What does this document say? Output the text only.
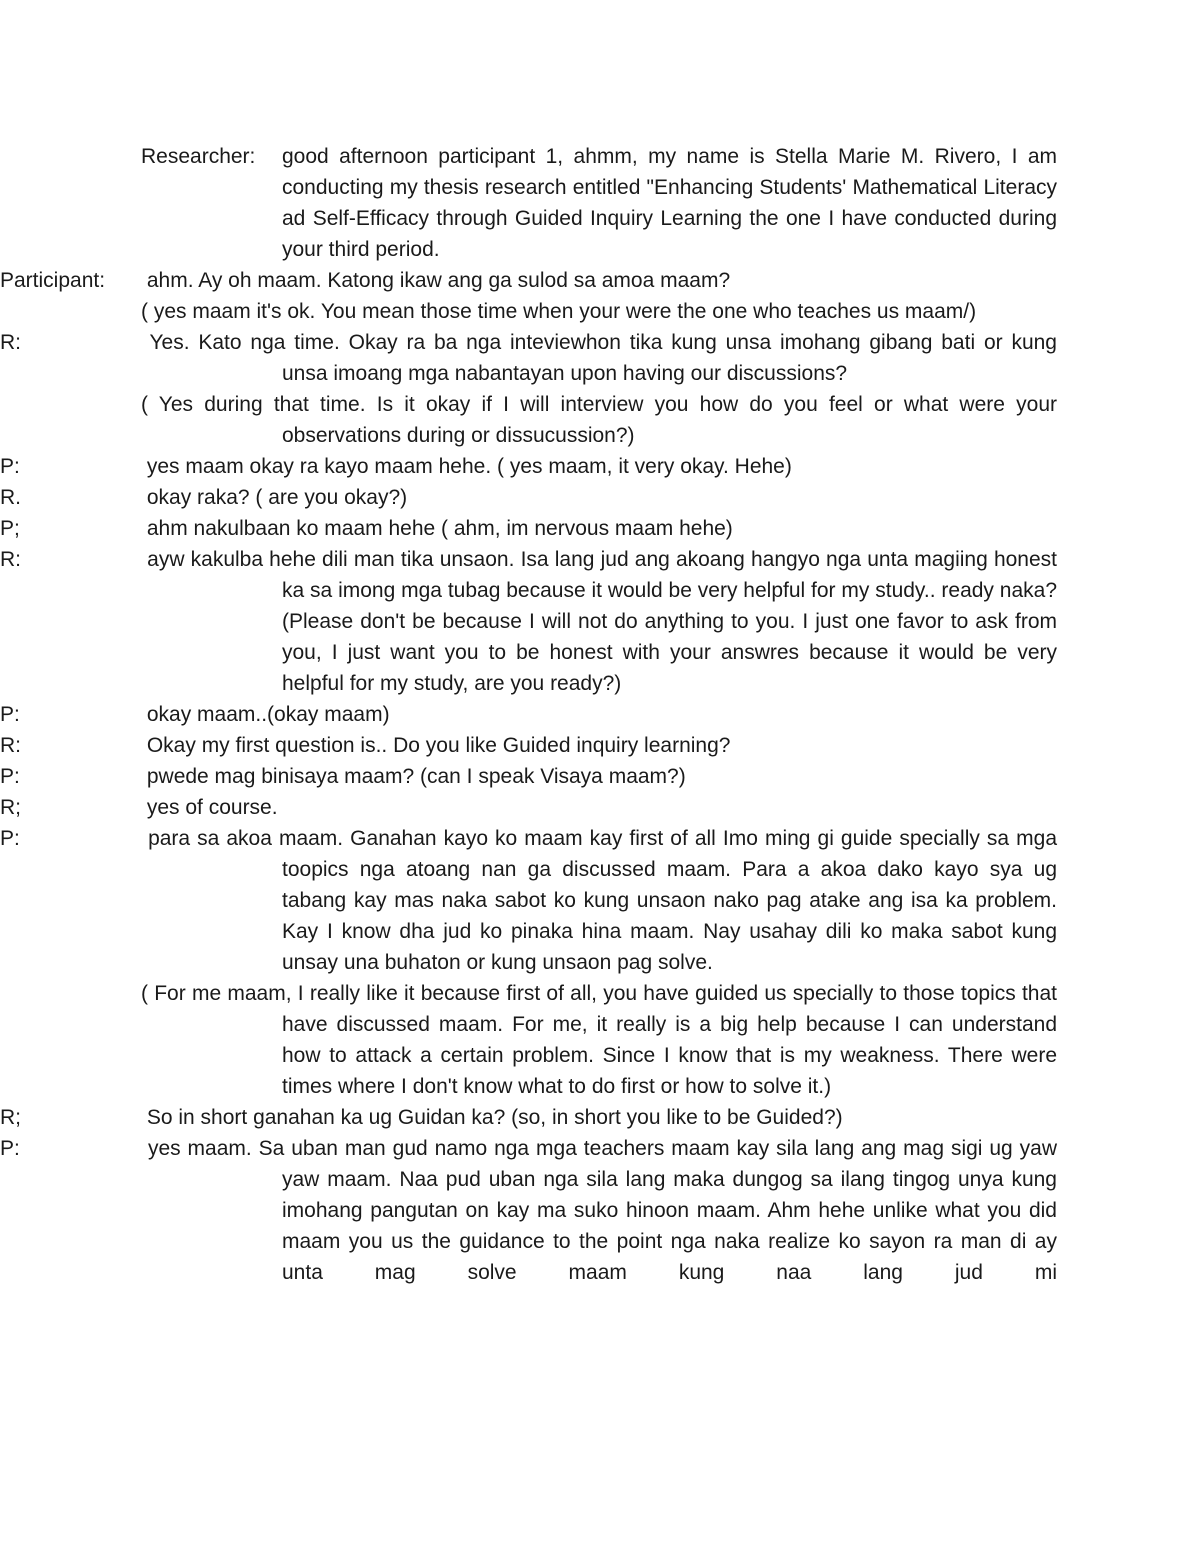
Researcher: good afternoon participant 1, ahmm, my name is Stella Marie M. Rivero, I am conducting my thesis research entitled "Enhancing Students' Mathematical Literacy ad Self-Efficacy through Guided Inquiry Learning the one I have conducted during your third period.

Participant: ahm. Ay oh maam. Katong ikaw ang ga sulod sa amoa maam?

( yes maam it's ok. You mean those time when your were the one who teaches us maam/)

R:	Yes. Kato nga time. Okay ra ba nga inteviewhon tika kung unsa imohang gibang bati or kung unsa imoang mga nabantayan upon having our discussions?

( Yes during that time. Is it okay if I will interview you how do you feel or what were your observations during or dissucussion?)

P:	yes maam okay ra kayo maam hehe. ( yes maam, it very okay. Hehe)

R.	okay raka? ( are you okay?)

P;	ahm nakulbaan ko maam hehe ( ahm, im nervous maam hehe)

R:	ayw kakulba hehe dili man tika unsaon. Isa lang jud ang akoang hangyo nga unta magiing honest ka sa imong mga tubag because it would be very helpful for my study.. ready naka? (Please don't be because I will not do anything to you. I just one favor to ask from you, I just want you to be honest with your answres because it would be very helpful for my study, are you ready?)

P:	okay maam..(okay maam)

R:	Okay my first question is.. Do you like Guided inquiry learning?

P:	pwede mag binisaya maam? (can I speak Visaya maam?)

R;	yes of course.

P:	para sa akoa maam. Ganahan kayo ko maam kay first of all Imo ming gi guide specially sa mga toopics nga atoang nan ga discussed maam. Para a akoa dako kayo sya ug tabang kay mas naka sabot ko kung unsaon nako pag atake ang isa ka problem. Kay I know dha jud ko pinaka hina maam. Nay usahay dili ko maka sabot kung unsay una buhaton or kung unsaon pag solve.

( For me maam, I really like it because first of all, you have guided us specially to those topics that have discussed maam. For me, it really is a big help because I can understand how to attack a certain problem. Since I know that is my weakness. There were times where I don't know what to do first or how to solve it.)

R;	So in short ganahan ka ug Guidan ka? (so, in short you like to be Guided?)

P:	yes maam. Sa uban man gud namo nga mga teachers maam kay sila lang ang mag sigi ug yaw yaw maam. Naa pud uban nga sila lang maka dungog sa ilang tingog unya kung imohang pangutan on kay ma suko hinoon maam. Ahm hehe unlike what you did maam you us the guidance to the point nga naka realize ko sayon ra man di ay unta mag solve maam kung naa lang jud mi
